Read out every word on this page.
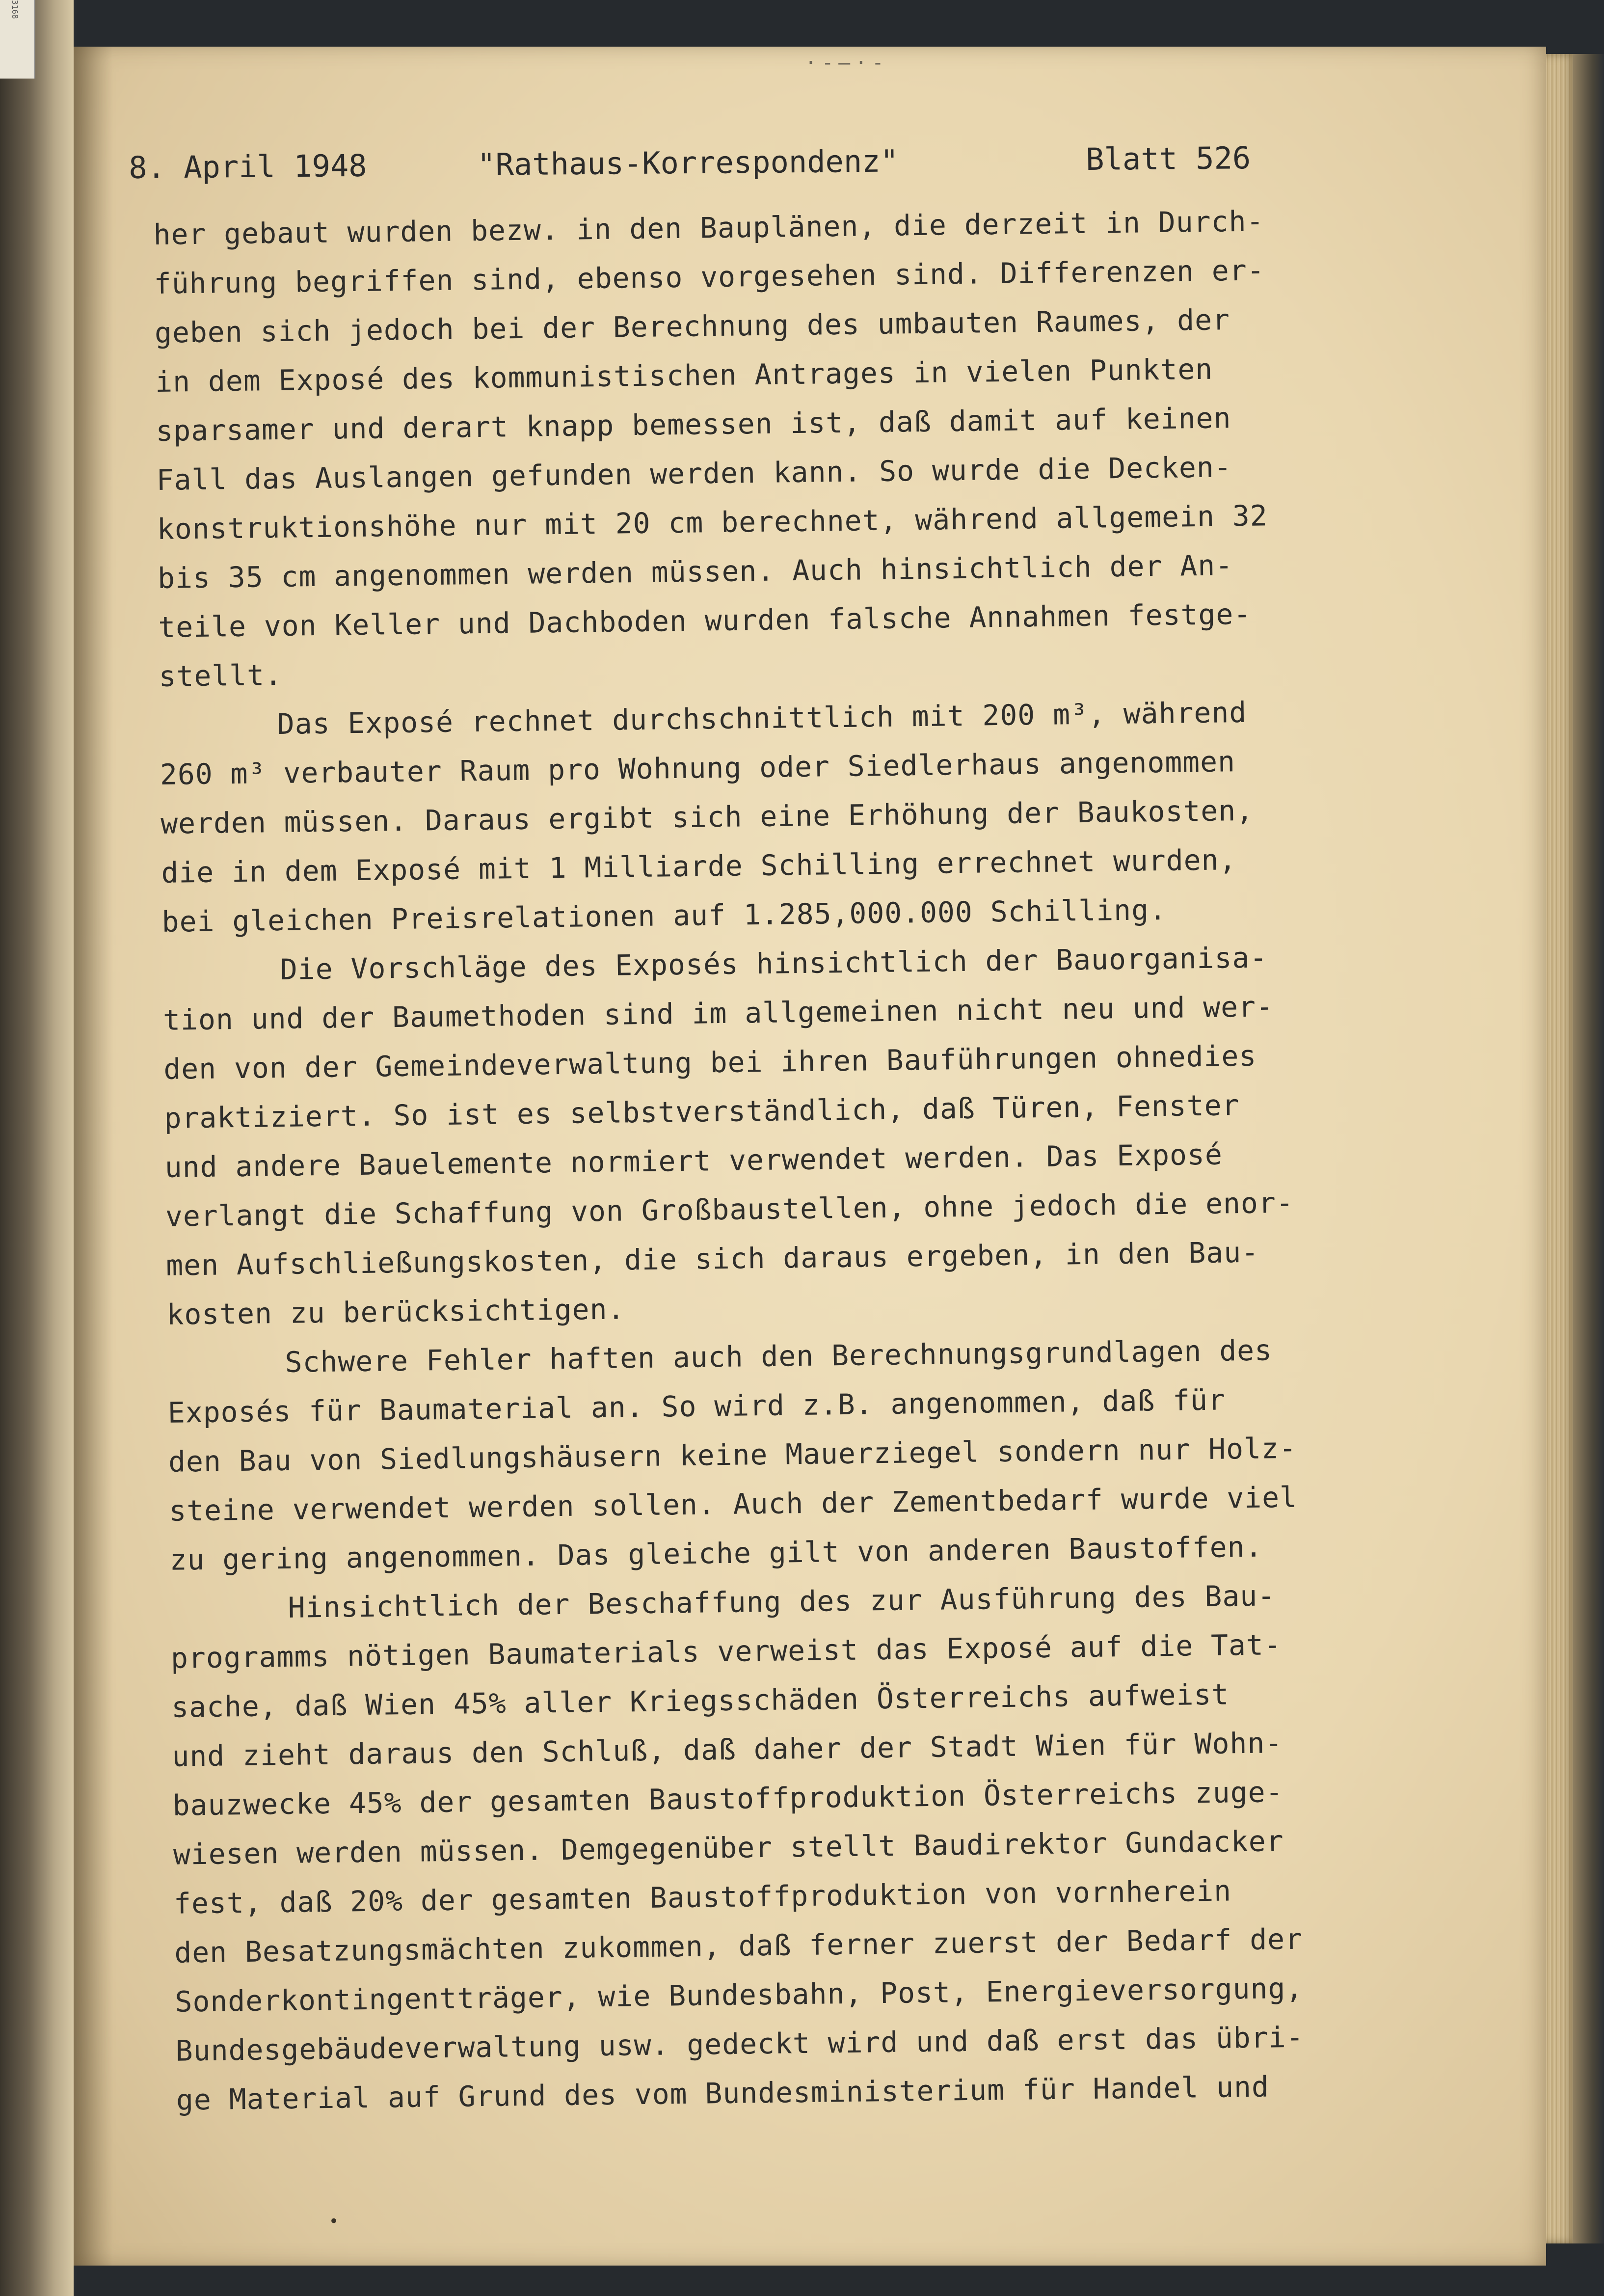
3168
·-—·-
8. April 1948	"Rathaus-Korrespondenz"	Blatt 526
her gebaut wurden bezw. in den Bauplänen, die derzeit in Durch-
führung begriffen sind, ebenso vorgesehen sind. Differenzen er-
geben sich jedoch bei der Berechnung des umbauten Raumes, der
in dem Exposé des kommunistischen Antrages in vielen Punkten
sparsamer und derart knapp bemessen ist, daß damit auf keinen
Fall das Auslangen gefunden werden kann. So wurde die Decken-
konstruktionshöhe nur mit 20 cm berechnet, während allgemein 32
bis 35 cm angenommen werden müssen. Auch hinsichtlich der An-
teile von Keller und Dachboden wurden falsche Annahmen festge-
stellt.
Das Exposé rechnet durchschnittlich mit 200 m³, während
260 m³ verbauter Raum pro Wohnung oder Siedlerhaus angenommen
werden müssen. Daraus ergibt sich eine Erhöhung der Baukosten,
die in dem Exposé mit 1 Milliarde Schilling errechnet wurden,
bei gleichen Preisrelationen auf 1.285,000.000 Schilling.
Die Vorschläge des Exposés hinsichtlich der Bauorganisa-
tion und der Baumethoden sind im allgemeinen nicht neu und wer-
den von der Gemeindeverwaltung bei ihren Bauführungen ohnedies
praktiziert. So ist es selbstverständlich, daß Türen, Fenster
und andere Bauelemente normiert verwendet werden. Das Exposé
verlangt die Schaffung von Großbaustellen, ohne jedoch die enor-
men Aufschließungskosten, die sich daraus ergeben, in den Bau-
kosten zu berücksichtigen.
Schwere Fehler haften auch den Berechnungsgrundlagen des
Exposés für Baumaterial an. So wird z.B. angenommen, daß für
den Bau von Siedlungshäusern keine Mauerziegel sondern nur Holz-
steine verwendet werden sollen. Auch der Zementbedarf wurde viel
zu gering angenommen. Das gleiche gilt von anderen Baustoffen.
Hinsichtlich der Beschaffung des zur Ausführung des Bau-
programms nötigen Baumaterials verweist das Exposé auf die Tat-
sache, daß Wien 45% aller Kriegsschäden Österreichs aufweist
und zieht daraus den Schluß, daß daher der Stadt Wien für Wohn-
bauzwecke 45% der gesamten Baustoffproduktion Österreichs zuge-
wiesen werden müssen. Demgegenüber stellt Baudirektor Gundacker
fest, daß 20% der gesamten Baustoffproduktion von vornherein
den Besatzungsmächten zukommen, daß ferner zuerst der Bedarf der
Sonderkontingentträger, wie Bundesbahn, Post, Energieversorgung,
Bundesgebäudeverwaltung usw. gedeckt wird und daß erst das übri-
ge Material auf Grund des vom Bundesministerium für Handel und
•
